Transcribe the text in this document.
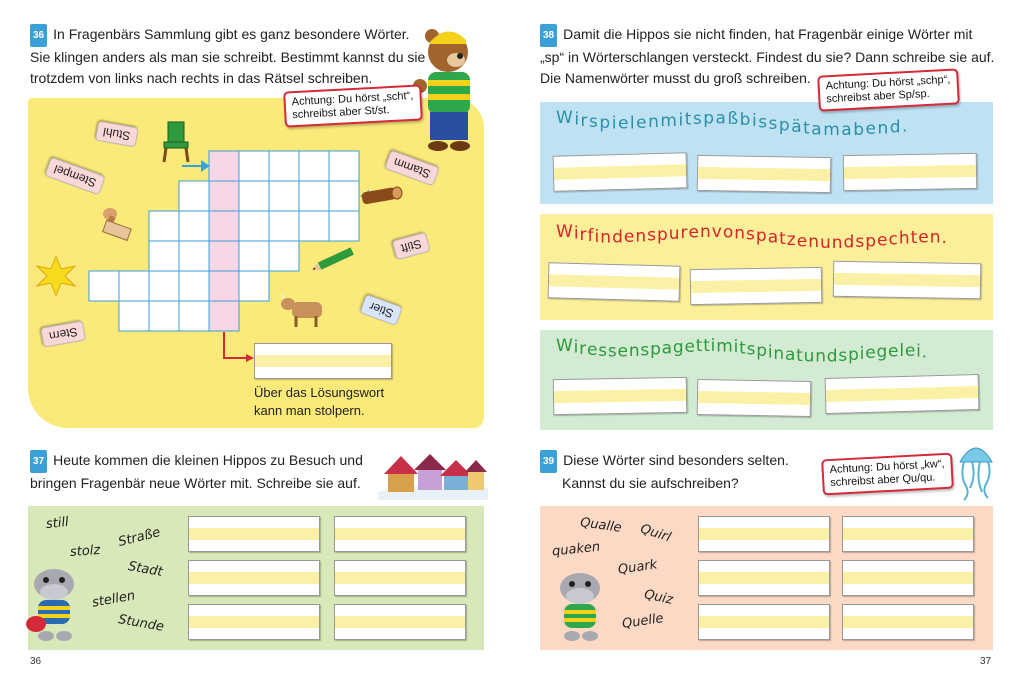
36 In Fragenbärs Sammlung gibt es ganz besondere Wörter.
Sie klingen anders als man sie schreibt. Bestimmt kannst du sie
trotzdem von links nach rechts in das Rätsel schreiben.
Achtung: Du hörst „scht“,
schreibst aber St/st.
Über das Lösungswort
kann man stolpern.
Stuhl
Stempel	Stamm
Stift
Stier
Stern
37 Heute kommen die kleinen Hippos zu Besuch und
bringen Fragenbär neue Wörter mit. Schreibe sie auf.
still
Straße
stolz
Stadt
stellen
Stunde
36
38 Damit die Hippos sie nicht finden, hat Fragenbär einige Wörter mit
„sp“ in Wörterschlangen versteckt. Findest du sie? Dann schreibe sie auf.
Die Namenwörter musst du groß schreiben.	Achtung: Du hörst „schp“,
schreibst aber Sp/sp.
Wirspielenmitspaßbisspätamabend.
Wirfindenspurenvonspatzenundspechten.
Wiressenspagettimitspinatundspiegelei.
39 Diese Wörter sind besonders selten.
Kannst du sie aufschreiben?
Achtung: Du hörst „kw“,
schreibst aber Qu/qu.
Qualle Quirl
quaken
Quark
Quiz
Quelle
37
